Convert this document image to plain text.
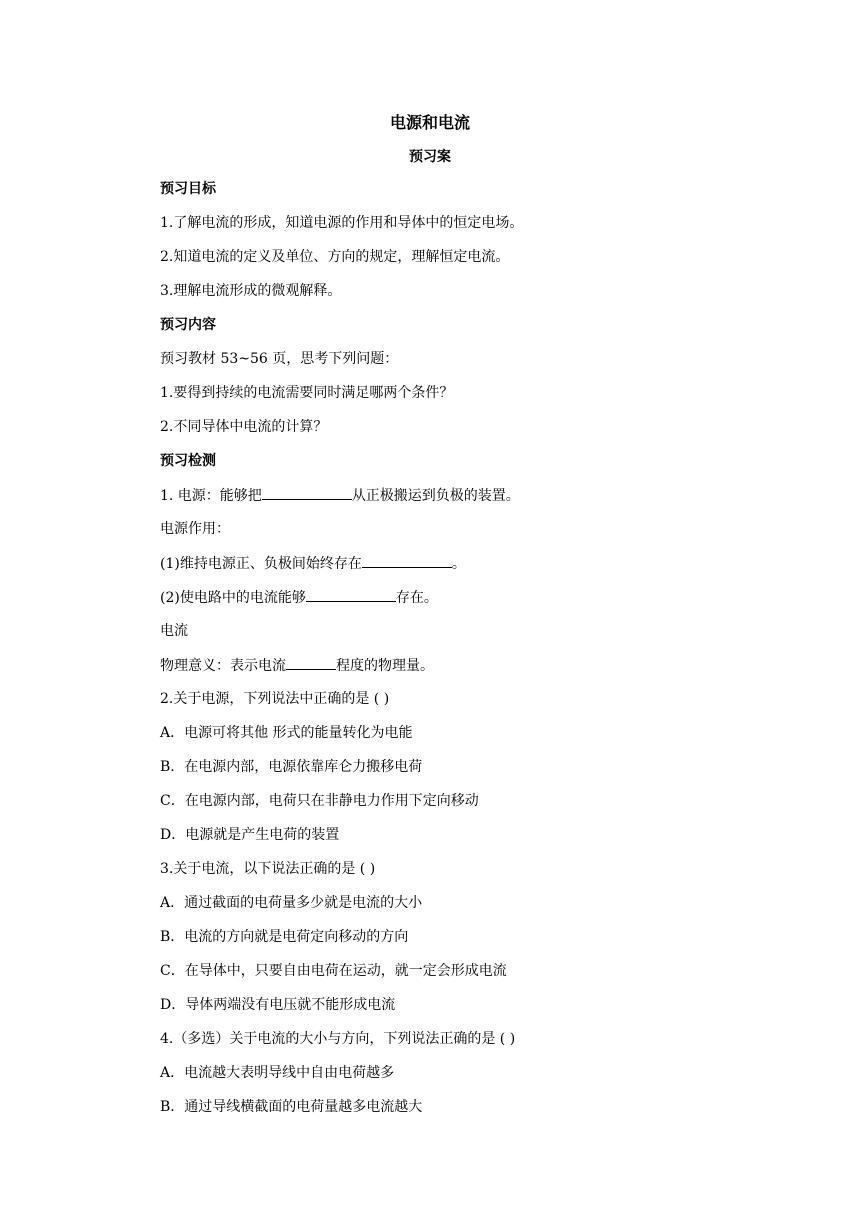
电源和电流
预习案
预习目标
1.了解电流的形成，知道电源的作用和导体中的恒定电场。
2.知道电流的定义及单位、方向的规定，理解恒定电流。
3.理解电流形成的微观解释。
预习内容
预习教材 53~56 页，思考下列问题：
1.要得到持续的电流需要同时满足哪两个条件？
2.不同导体中电流的计算？
预习检测
1. 电源：能够把	从正极搬运到负极的装置。
电源作用：
(1)维持电源正、负极间始终存在	。
(2)使电路中的电流能够	存在。
电流
物理意义：表示电流	程度的物理量。
2.关于电源，下列说法中正确的是 ( )
A．电源可将其他 形式的能量转化为电能
B．在电源内部，电源依靠库仑力搬移电荷
C．在电源内部，电荷只在非静电力作用下定向移动
D．电源就是产生电荷的装置
3.关于电流，以下说法正确的是 ( )
A．通过截面的电荷量多少就是电流的大小
B．电流的方向就是电荷定向移动的方向
C．在导体中，只要自由电荷在运动，就一定会形成电流
D．导体两端没有电压就不能形成电流
4.（多选）关于电流的大小与方向，下列说法正确的是 ( )
A．电流越大表明导线中自由电荷越多
B．通过导线横截面的电荷量越多电流越大
